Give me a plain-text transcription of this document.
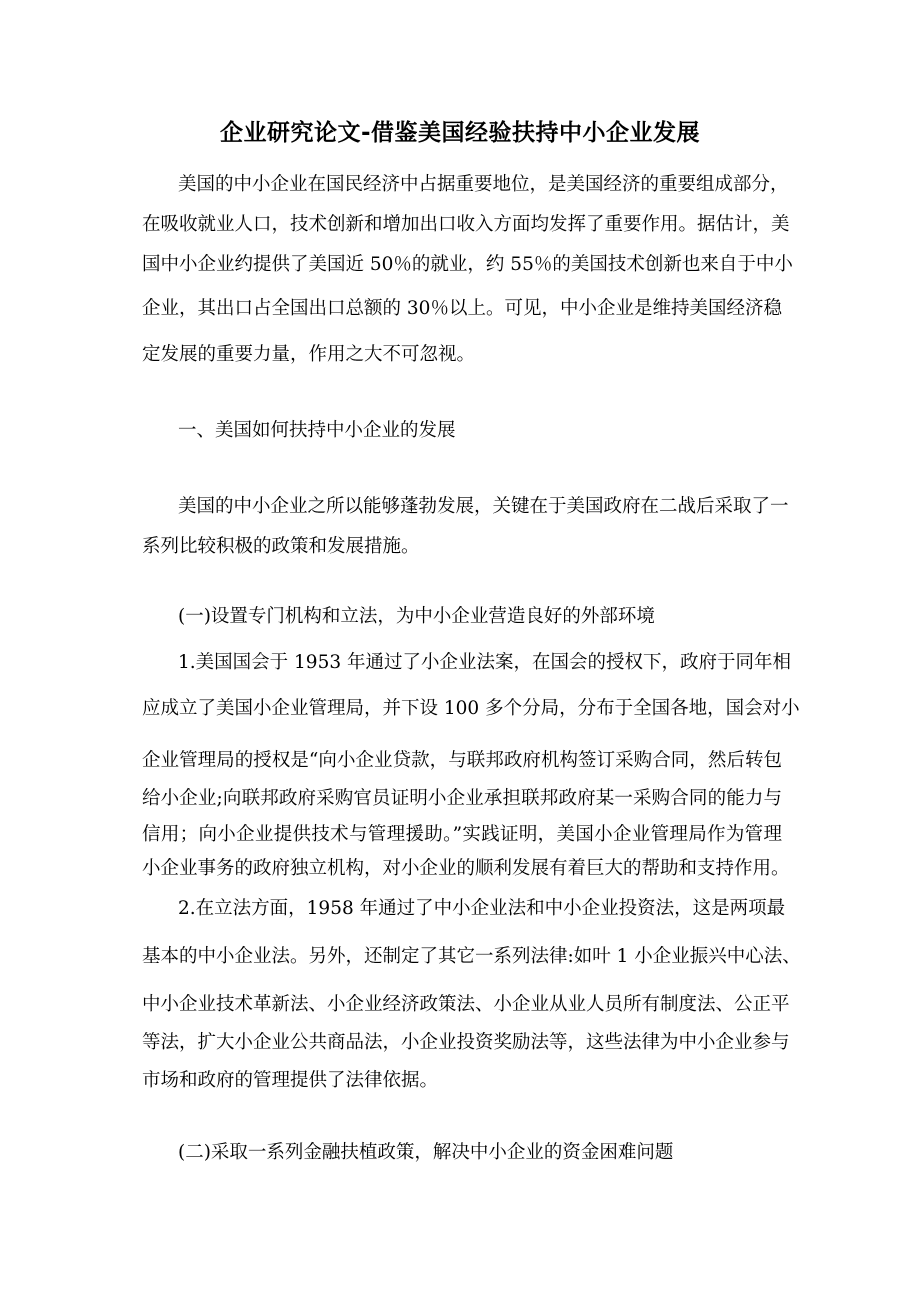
企业研究论文-借鉴美国经验扶持中小企业发展
美国的中小企业在国民经济中占据重要地位，是美国经济的重要组成部分，
在吸收就业人口，技术创新和增加出口收入方面均发挥了重要作用。据估计，美
国中小企业约提供了美国近 50％的就业，约 55％的美国技术创新也来自于中小
企业，其出口占全国出口总额的 30％以上。可见，中小企业是维持美国经济稳
定发展的重要力量，作用之大不可忽视。
一、美国如何扶持中小企业的发展
美国的中小企业之所以能够蓬勃发展，关键在于美国政府在二战后采取了一
系列比较积极的政策和发展措施。
(一)设置专门机构和立法，为中小企业营造良好的外部环境
1.美国国会于 1953 年通过了小企业法案，在国会的授权下，政府于同年相
应成立了美国小企业管理局，并下设 100 多个分局，分布于全国各地，国会对小
企业管理局的授权是“向小企业贷款，与联邦政府机构签订采购合同，然后转包
给小企业;向联邦政府采购官员证明小企业承担联邦政府某一采购合同的能力与
信用；向小企业提供技术与管理援助。”实践证明，美国小企业管理局作为管理
小企业事务的政府独立机构，对小企业的顺利发展有着巨大的帮助和支持作用。
2.在立法方面，1958 年通过了中小企业法和中小企业投资法，这是两项最
基本的中小企业法。另外，还制定了其它一系列法律:如叶 1 小企业振兴中心法、
中小企业技术革新法、小企业经济政策法、小企业从业人员所有制度法、公正平
等法，扩大小企业公共商品法，小企业投资奖励法等，这些法律为中小企业参与
市场和政府的管理提供了法律依据。
(二)采取一系列金融扶植政策，解决中小企业的资金困难问题
